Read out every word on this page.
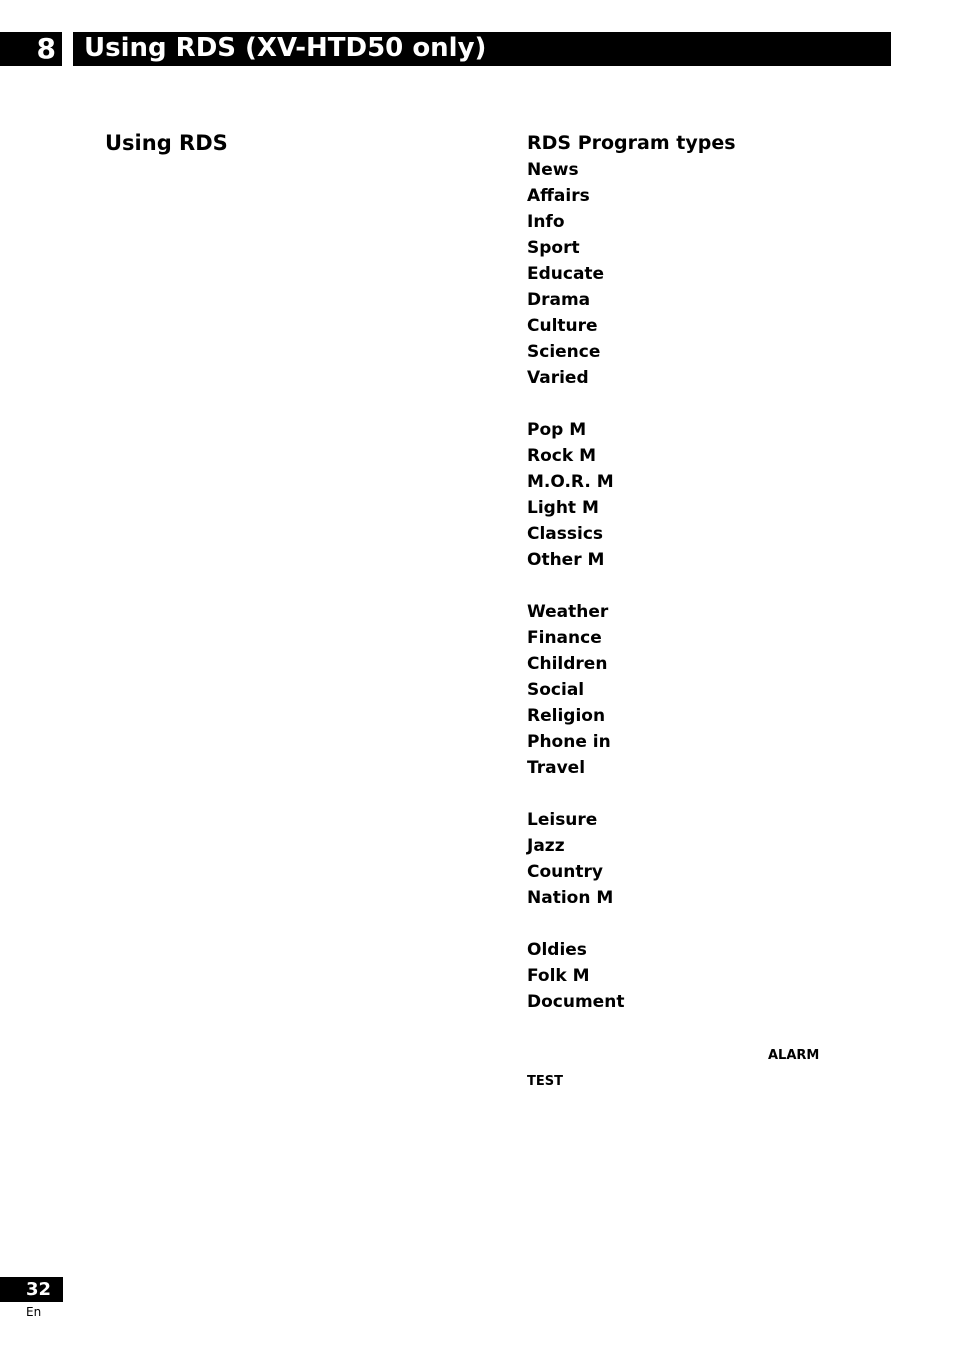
8	Using RDS (XV-HTD50 only)
Using RDS	RDS Program types
News
Affairs
Info
Sport
Educate
Drama
Culture
Science
Varied
Pop M
Rock M
M.O.R. M
Light M
Classics
Other M
Weather
Finance
Children
Social
Religion
Phone in
Travel
Leisure
Jazz
Country
Nation M
Oldies
Folk M
Document
ALARM
TEST
32
En
